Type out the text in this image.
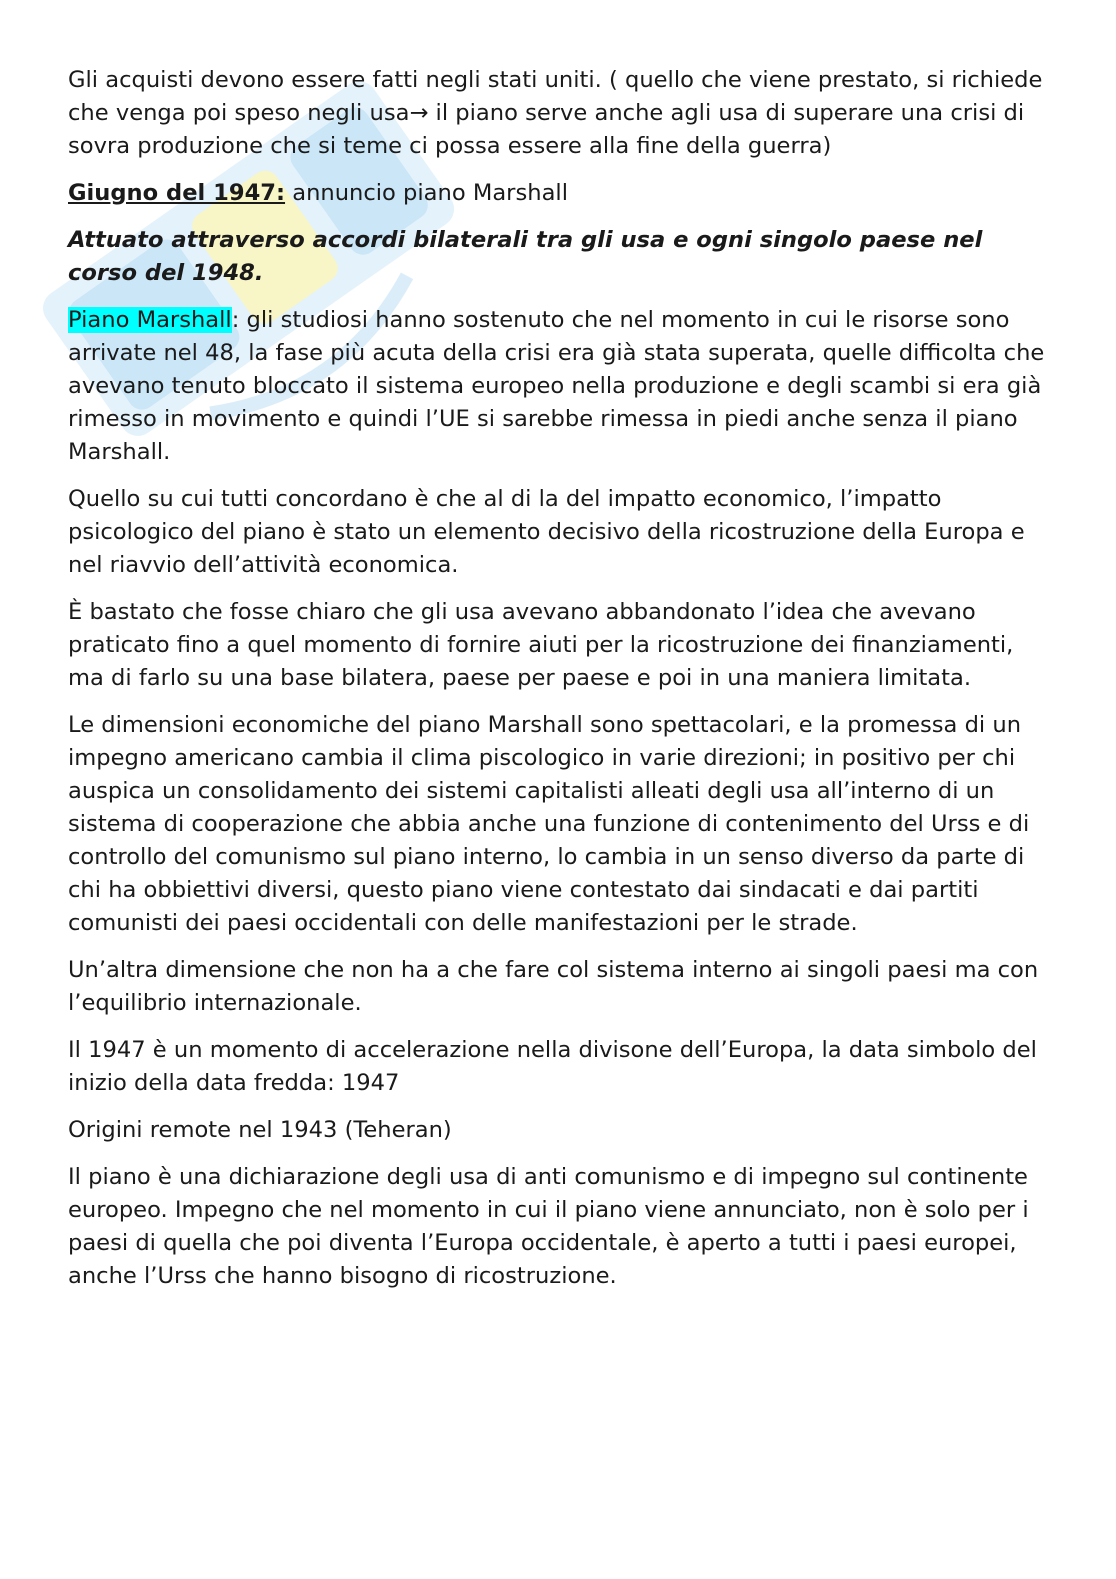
Gli acquisti devono essere fatti negli stati uniti. ( quello che viene prestato, si richiede che venga poi speso negli usa→ il piano serve anche agli usa di superare una crisi di sovra produzione che si teme ci possa essere alla fine della guerra)

Giugno del 1947: annuncio piano Marshall

Attuato attraverso accordi bilaterali tra gli usa e ogni singolo paese nel corso del 1948.

Piano Marshall: gli studiosi hanno sostenuto che nel momento in cui le risorse sono arrivate nel 48, la fase più acuta della crisi era già stata superata, quelle difficolta che avevano tenuto bloccato il sistema europeo nella produzione e degli scambi si era già rimesso in movimento e quindi l’UE si sarebbe rimessa in piedi anche senza il piano Marshall.

Quello su cui tutti concordano è che al di la del impatto economico, l’impatto psicologico del piano è stato un elemento decisivo della ricostruzione della Europa e nel riavvio dell’attività economica.

È bastato che fosse chiaro che gli usa avevano abbandonato l’idea che avevano praticato fino a quel momento di fornire aiuti per la ricostruzione dei finanziamenti, ma di farlo su una base bilatera, paese per paese e poi in una maniera limitata.

Le dimensioni economiche del piano Marshall sono spettacolari, e la promessa di un impegno americano cambia il clima piscologico in varie direzioni; in positivo per chi auspica un consolidamento dei sistemi capitalisti alleati degli usa all’interno di un sistema di cooperazione che abbia anche una funzione di contenimento del Urss e di controllo del comunismo sul piano interno, lo cambia in un senso diverso da parte di chi ha obbiettivi diversi, questo piano viene contestato dai sindacati e dai partiti comunisti dei paesi occidentali con delle manifestazioni per le strade.

Un’altra dimensione che non ha a che fare col sistema interno ai singoli paesi ma con l’equilibrio internazionale.

Il 1947 è un momento di accelerazione nella divisone dell’Europa, la data simbolo del inizio della data fredda: 1947

Origini remote nel 1943 (Teheran)

Il piano è una dichiarazione degli usa di anti comunismo e di impegno sul continente europeo. Impegno che nel momento in cui il piano viene annunciato, non è solo per i paesi di quella che poi diventa l’Europa occidentale, è aperto a tutti i paesi europei, anche l’Urss che hanno bisogno di ricostruzione.
